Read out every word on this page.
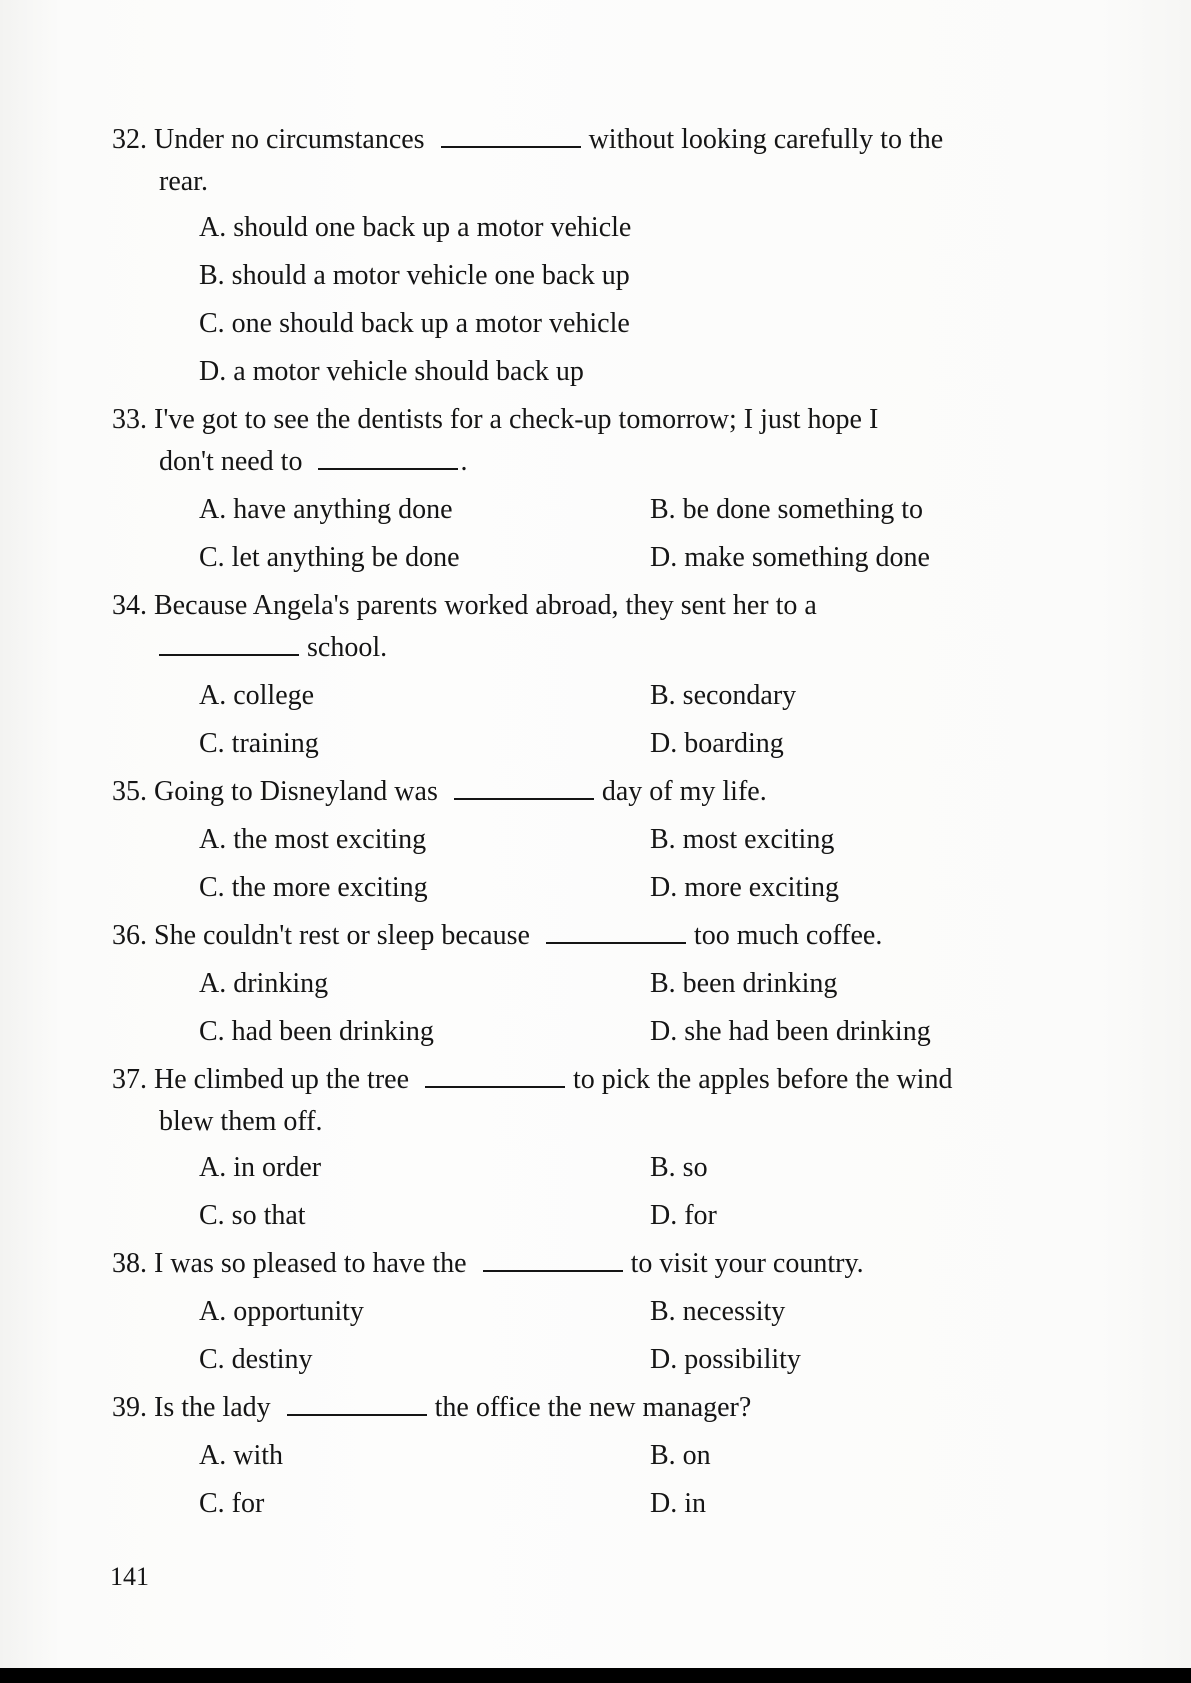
32. Under no circumstances	without looking carefully to the
rear.
A. should one back up a motor vehicle
B. should a motor vehicle one back up
C. one should back up a motor vehicle
D. a motor vehicle should back up
33. I've got to see the dentists for a check-up tomorrow; I just hope I
don't need to	.
A. have anything done	B. be done something to
C. let anything be done	D. make something done
34. Because Angela's parents worked abroad, they sent her to a
school.
A. college	B. secondary
C. training	D. boarding
35. Going to Disneyland was	day of my life.
A. the most exciting	B. most exciting
C. the more exciting	D. more exciting
36. She couldn't rest or sleep because	too much coffee.
A. drinking	B. been drinking
C. had been drinking	D. she had been drinking
37. He climbed up the tree	to pick the apples before the wind
blew them off.
A. in order	B. so
C. so that	D. for
38. I was so pleased to have the	to visit your country.
A. opportunity	B. necessity
C. destiny	D. possibility
39. Is the lady	the office the new manager?
A. with	B. on
C. for	D. in
141
